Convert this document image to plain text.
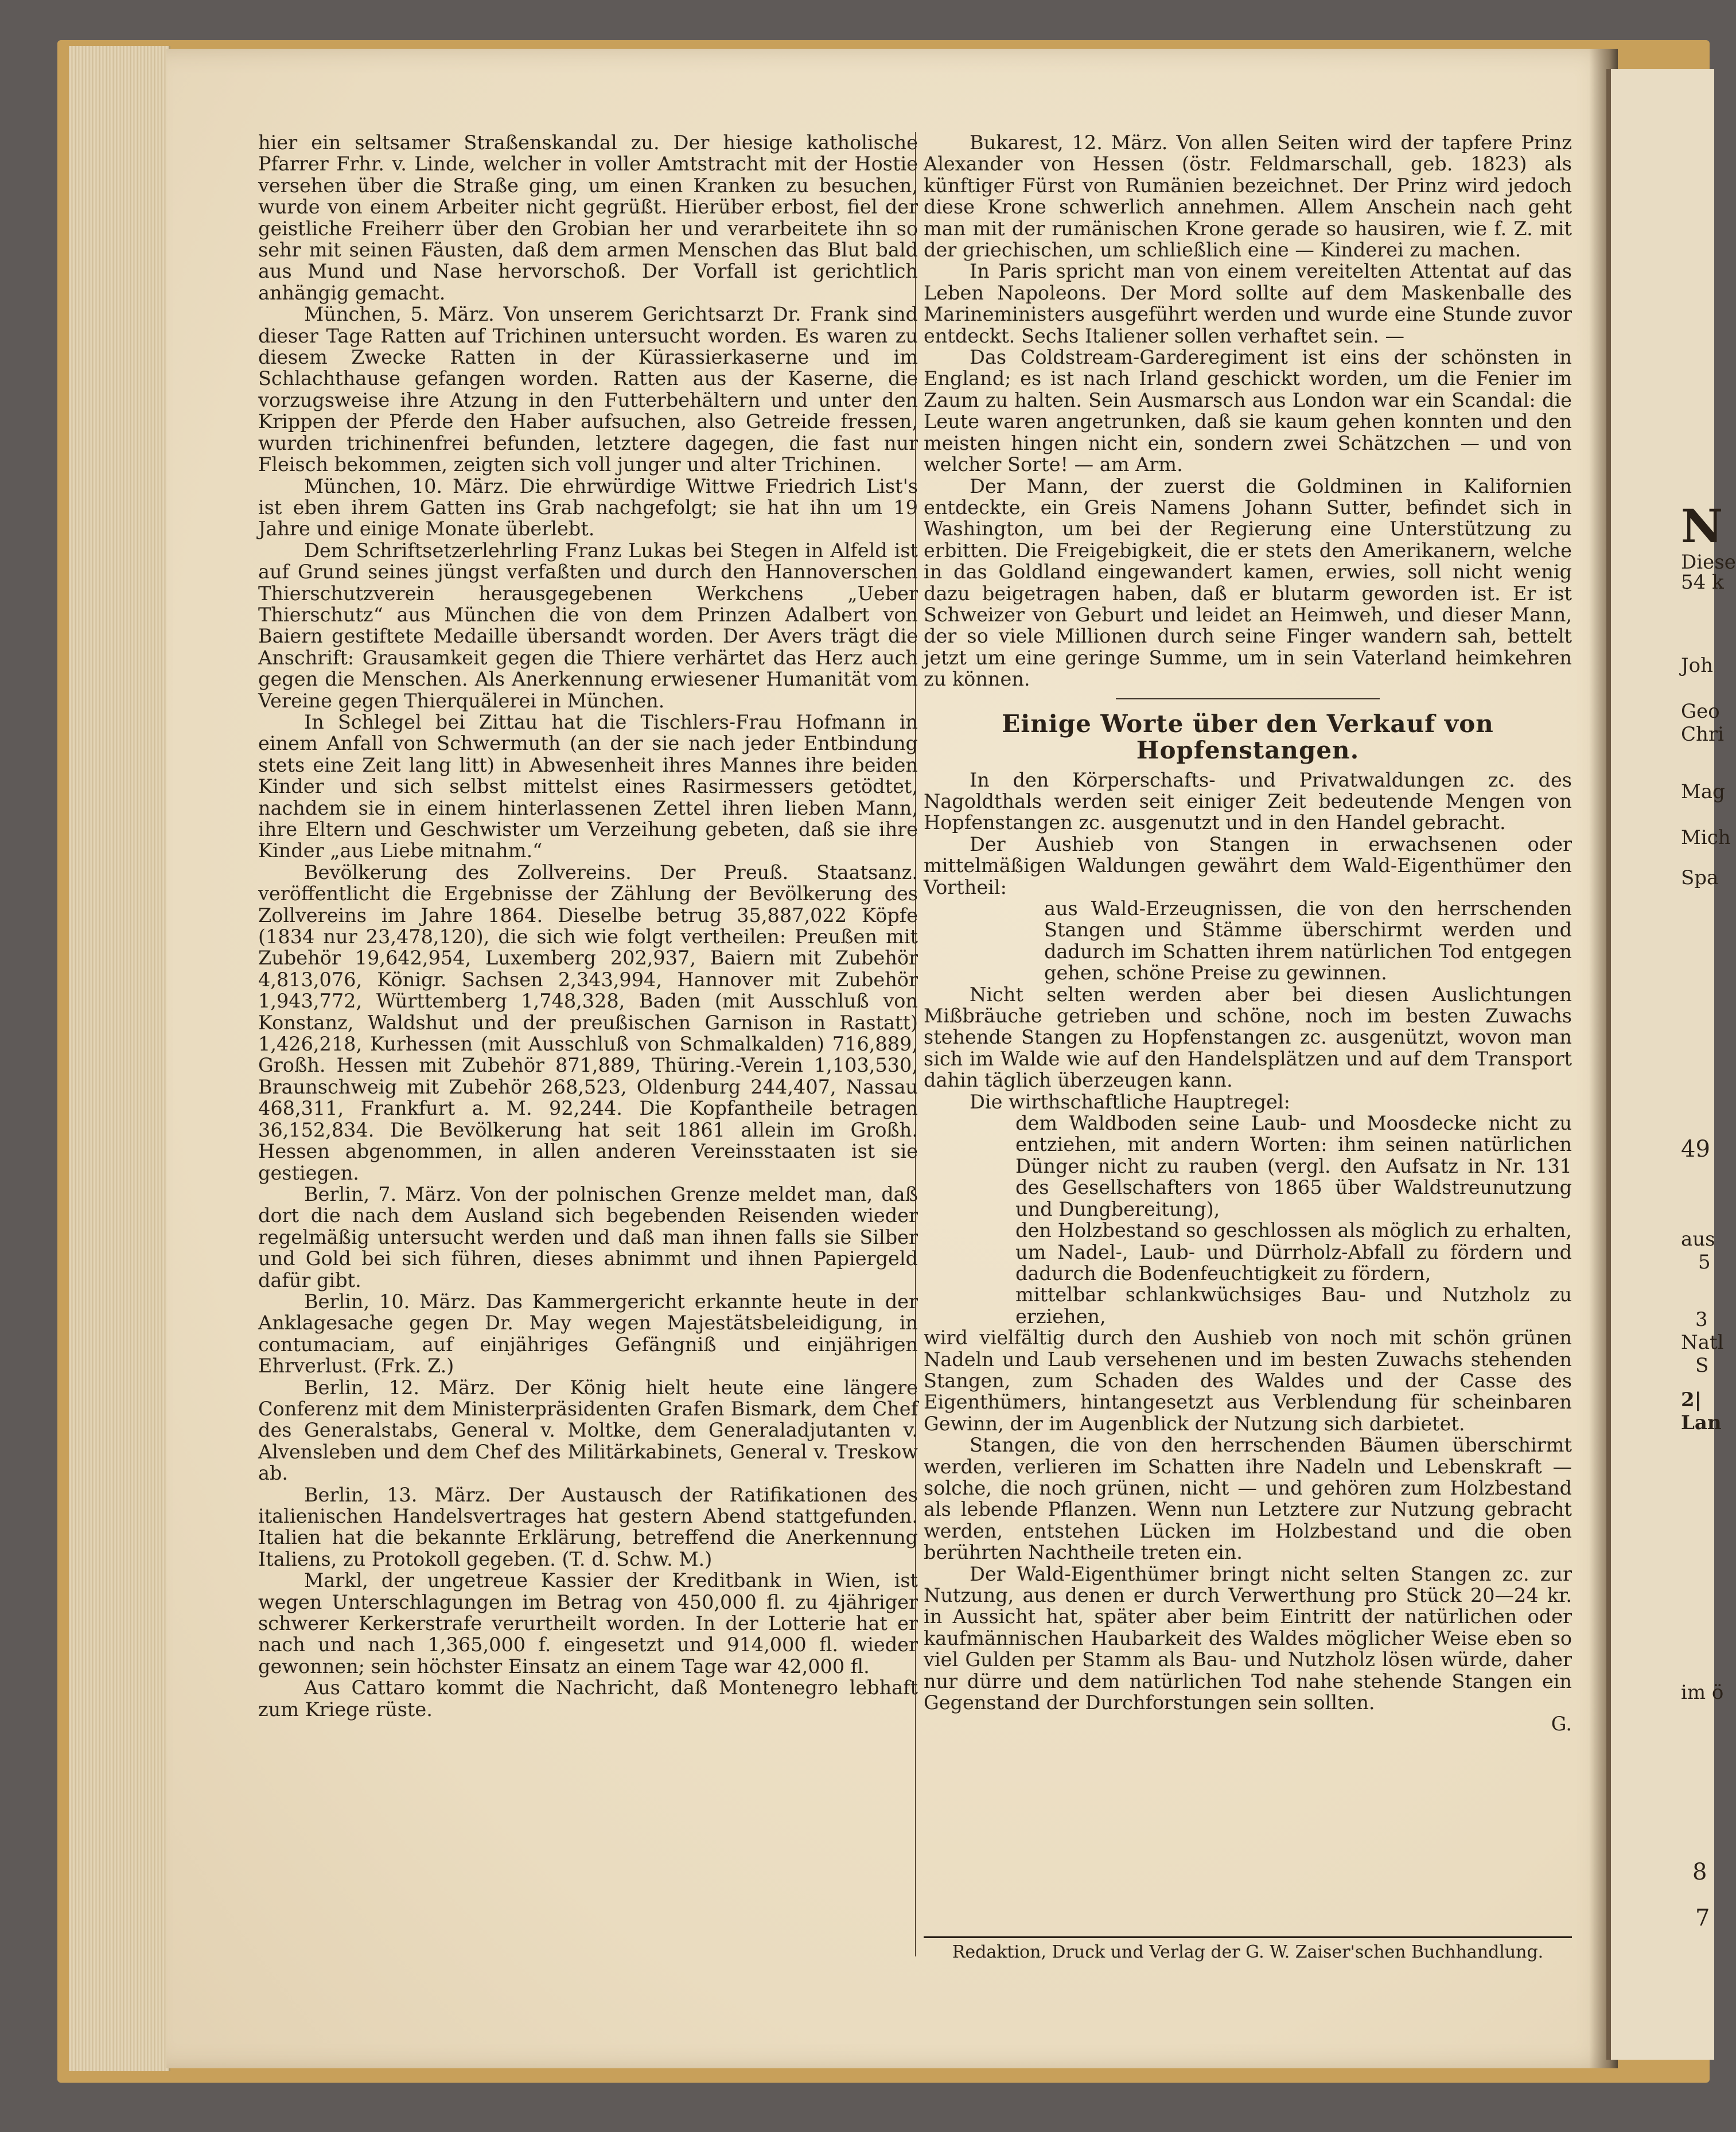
hier ein seltsamer Straßenskandal zu. Der hiesige katholische Pfarrer Frhr. v. Linde, welcher in voller Amtstracht mit der Hostie versehen über die Straße ging, um einen Kranken zu besuchen, wurde von einem Arbeiter nicht gegrüßt. Hierüber erbost, fiel der geistliche Freiherr über den Grobian her und verarbeitete ihn so sehr mit seinen Fäusten, daß dem armen Menschen das Blut bald aus Mund und Nase hervorschoß. Der Vorfall ist gerichtlich anhängig gemacht.

München, 5. März. Von unserem Gerichtsarzt Dr. Frank sind dieser Tage Ratten auf Trichinen untersucht worden. Es waren zu diesem Zwecke Ratten in der Kürassierkaserne und im Schlachthause gefangen worden. Ratten aus der Kaserne, die vorzugsweise ihre Atzung in den Futterbehältern und unter den Krippen der Pferde den Haber aufsuchen, also Getreide fressen, wurden trichinenfrei befunden, letztere dagegen, die fast nur Fleisch bekommen, zeigten sich voll junger und alter Trichinen.

München, 10. März. Die ehrwürdige Wittwe Friedrich List's ist eben ihrem Gatten ins Grab nachgefolgt; sie hat ihn um 19 Jahre und einige Monate überlebt.

Dem Schriftsetzerlehrling Franz Lukas bei Stegen in Alfeld ist auf Grund seines jüngst verfaßten und durch den Hannoverschen Thierschutzverein herausgegebenen Werkchens „Ueber Thierschutz“ aus München die von dem Prinzen Adalbert von Baiern gestiftete Medaille übersandt worden. Der Avers trägt die Anschrift: Grausamkeit gegen die Thiere verhärtet das Herz auch gegen die Menschen. Als Anerkennung erwiesener Humanität vom Vereine gegen Thierquälerei in München.

In Schlegel bei Zittau hat die Tischlers-Frau Hofmann in einem Anfall von Schwermuth (an der sie nach jeder Entbindung stets eine Zeit lang litt) in Abwesenheit ihres Mannes ihre beiden Kinder und sich selbst mittelst eines Rasirmessers getödtet, nachdem sie in einem hinterlassenen Zettel ihren lieben Mann, ihre Eltern und Geschwister um Verzeihung gebeten, daß sie ihre Kinder „aus Liebe mitnahm.“

Bevölkerung des Zollvereins. Der Preuß. Staatsanz. veröffentlicht die Ergebnisse der Zählung der Bevölkerung des Zollvereins im Jahre 1864. Dieselbe betrug 35,887,022 Köpfe (1834 nur 23,478,120), die sich wie folgt vertheilen: Preußen mit Zubehör 19,642,954, Luxemberg 202,937, Baiern mit Zubehör 4,813,076, Königr. Sachsen 2,343,994, Hannover mit Zubehör 1,943,772, Württemberg 1,748,328, Baden (mit Ausschluß von Konstanz, Waldshut und der preußischen Garnison in Rastatt) 1,426,218, Kurhessen (mit Ausschluß von Schmalkalden) 716,889, Großh. Hessen mit Zubehör 871,889, Thüring.-Verein 1,103,530, Braunschweig mit Zubehör 268,523, Oldenburg 244,407, Nassau 468,311, Frankfurt a. M. 92,244. Die Kopfantheile betragen 36,152,834. Die Bevölkerung hat seit 1861 allein im Großh. Hessen abgenommen, in allen anderen Vereinsstaaten ist sie gestiegen.

Berlin, 7. März. Von der polnischen Grenze meldet man, daß dort die nach dem Ausland sich begebenden Reisenden wieder regelmäßig untersucht werden und daß man ihnen falls sie Silber und Gold bei sich führen, dieses abnimmt und ihnen Papiergeld dafür gibt.

Berlin, 10. März. Das Kammergericht erkannte heute in der Anklagesache gegen Dr. May wegen Majestätsbeleidigung, in contumaciam, auf einjähriges Gefängniß und einjährigen Ehrverlust. (Frk. Z.)

Berlin, 12. März. Der König hielt heute eine längere Conferenz mit dem Ministerpräsidenten Grafen Bismark, dem Chef des Generalstabs, General v. Moltke, dem Generaladjutanten v. Alvensleben und dem Chef des Militärkabinets, General v. Treskow ab.

Berlin, 13. März. Der Austausch der Ratifikationen des italienischen Handelsvertrages hat gestern Abend stattgefunden. Italien hat die bekannte Erklärung, betreffend die Anerkennung Italiens, zu Protokoll gegeben. (T. d. Schw. M.)

Markl, der ungetreue Kassier der Kreditbank in Wien, ist wegen Unterschlagungen im Betrag von 450,000 fl. zu 4jähriger schwerer Kerkerstrafe verurtheilt worden. In der Lotterie hat er nach und nach 1,365,000 f. eingesetzt und 914,000 fl. wieder gewonnen; sein höchster Einsatz an einem Tage war 42,000 fl.

Aus Cattaro kommt die Nachricht, daß Montenegro lebhaft zum Kriege rüste.

Bukarest, 12. März. Von allen Seiten wird der tapfere Prinz Alexander von Hessen (östr. Feldmarschall, geb. 1823) als künftiger Fürst von Rumänien bezeichnet. Der Prinz wird jedoch diese Krone schwerlich annehmen. Allem Anschein nach geht man mit der rumänischen Krone gerade so hausiren, wie f. Z. mit der griechischen, um schließlich eine — Kinderei zu machen.

In Paris spricht man von einem vereitelten Attentat auf das Leben Napoleons. Der Mord sollte auf dem Maskenballe des Marineministers ausgeführt werden und wurde eine Stunde zuvor entdeckt. Sechs Italiener sollen verhaftet sein. —

Das Coldstream-Garderegiment ist eins der schönsten in England; es ist nach Irland geschickt worden, um die Fenier im Zaum zu halten. Sein Ausmarsch aus London war ein Scandal: die Leute waren angetrunken, daß sie kaum gehen konnten und den meisten hingen nicht ein, sondern zwei Schätzchen — und von welcher Sorte! — am Arm.

Der Mann, der zuerst die Goldminen in Kalifornien entdeckte, ein Greis Namens Johann Sutter, befindet sich in Washington, um bei der Regierung eine Unterstützung zu erbitten. Die Freigebigkeit, die er stets den Amerikanern, welche in das Goldland eingewandert kamen, erwies, soll nicht wenig dazu beigetragen haben, daß er blutarm geworden ist. Er ist Schweizer von Geburt und leidet an Heimweh, und dieser Mann, der so viele Millionen durch seine Finger wandern sah, bettelt jetzt um eine geringe Summe, um in sein Vaterland heimkehren zu können.

Einige Worte über den Verkauf von Hopfenstangen.

In den Körperschafts- und Privatwaldungen zc. des Nagoldthals werden seit einiger Zeit bedeutende Mengen von Hopfenstangen zc. ausgenutzt und in den Handel gebracht.

Der Aushieb von Stangen in erwachsenen oder mittelmäßigen Waldungen gewährt dem Wald-Eigenthümer den Vortheil:

aus Wald-Erzeugnissen, die von den herrschenden Stangen und Stämme überschirmt werden und dadurch im Schatten ihrem natürlichen Tod entgegen gehen, schöne Preise zu gewinnen.

Nicht selten werden aber bei diesen Auslichtungen Mißbräuche getrieben und schöne, noch im besten Zuwachs stehende Stangen zu Hopfenstangen zc. ausgenützt, wovon man sich im Walde wie auf den Handelsplätzen und auf dem Transport dahin täglich überzeugen kann.

Die wirthschaftliche Hauptregel:

dem Waldboden seine Laub- und Moosdecke nicht zu entziehen, mit andern Worten: ihm seinen natürlichen Dünger nicht zu rauben (vergl. den Aufsatz in Nr. 131 des Gesellschafters von 1865 über Waldstreunutzung und Dungbereitung),

den Holzbestand so geschlossen als möglich zu erhalten, um Nadel-, Laub- und Dürrholz-Abfall zu fördern und dadurch die Bodenfeuchtigkeit zu fördern,

mittelbar schlankwüchsiges Bau- und Nutzholz zu erziehen,

wird vielfältig durch den Aushieb von noch mit schön grünen Nadeln und Laub versehenen und im besten Zuwachs stehenden Stangen, zum Schaden des Waldes und der Casse des Eigenthümers, hintangesetzt aus Verblendung für scheinbaren Gewinn, der im Augenblick der Nutzung sich darbietet.

Stangen, die von den herrschenden Bäumen überschirmt werden, verlieren im Schatten ihre Nadeln und Lebenskraft — solche, die noch grünen, nicht — und gehören zum Holzbestand als lebende Pflanzen. Wenn nun Letztere zur Nutzung gebracht werden, entstehen Lücken im Holzbestand und die oben berührten Nachtheile treten ein.

Der Wald-Eigenthümer bringt nicht selten Stangen zc. zur Nutzung, aus denen er durch Verwerthung pro Stück 20—24 kr. in Aussicht hat, später aber beim Eintritt der natürlichen oder kaufmännischen Haubarkeit des Waldes möglicher Weise eben so viel Gulden per Stamm als Bau- und Nutzholz lösen würde, daher nur dürre und dem natürlichen Tod nahe stehende Stangen ein Gegenstand der Durchforstungen sein sollten.

G.

Redaktion, Druck und Verlag der G. W. Zaiser'schen Buchhandlung.
N
Diese
54 k
Joh
Geo
Chri
Mag
Mich
Spa
49
aus
5
3
Natl
S
2|
Lan
im ö
8
7
